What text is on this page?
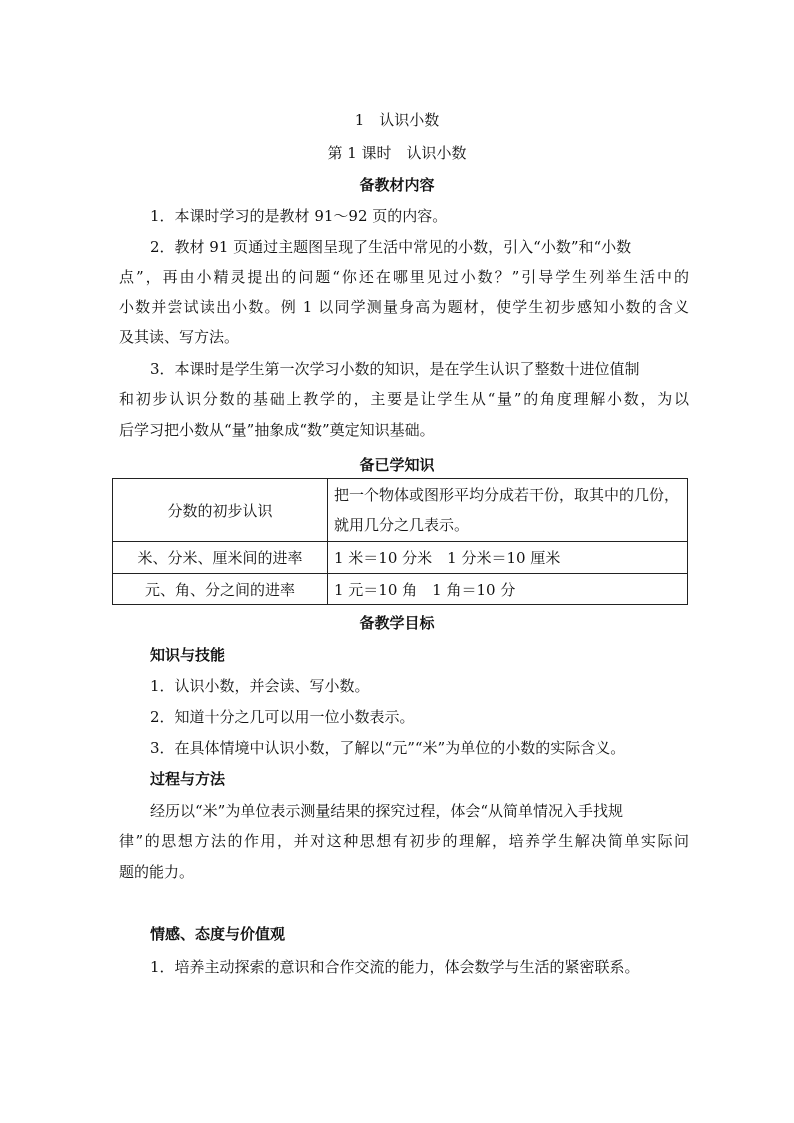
1　认识小数
第 1 课时　认识小数
备教材内容
1．本课时学习的是教材 91～92 页的内容。
2．教材 91 页通过主题图呈现了生活中常见的小数，引入“小数”和“小数
点”，再由小精灵提出的问题“你还在哪里见过小数？”引导学生列举生活中的
小数并尝试读出小数。例 1 以同学测量身高为题材，使学生初步感知小数的含义
及其读、写方法。
3．本课时是学生第一次学习小数的知识，是在学生认识了整数十进位值制
和初步认识分数的基础上教学的，主要是让学生从“量”的角度理解小数，为以
后学习把小数从“量”抽象成“数”奠定知识基础。
备已学知识
分数的初步认识	把一个物体或图形平均分成若干份，取其中的几份，
就用几分之几表示。

米、分米、厘米间的进率	1 米＝10 分米　1 分米＝10 厘米
元、角、分之间的进率	1 元＝10 角　1 角＝10 分
备教学目标
知识与技能
1．认识小数，并会读、写小数。
2．知道十分之几可以用一位小数表示。
3．在具体情境中认识小数，了解以“元”“米”为单位的小数的实际含义。
过程与方法
经历以“米”为单位表示测量结果的探究过程，体会“从简单情况入手找规
律”的思想方法的作用，并对这种思想有初步的理解，培养学生解决简单实际问
题的能力。
情感、态度与价值观
1．培养主动探索的意识和合作交流的能力，体会数学与生活的紧密联系。
